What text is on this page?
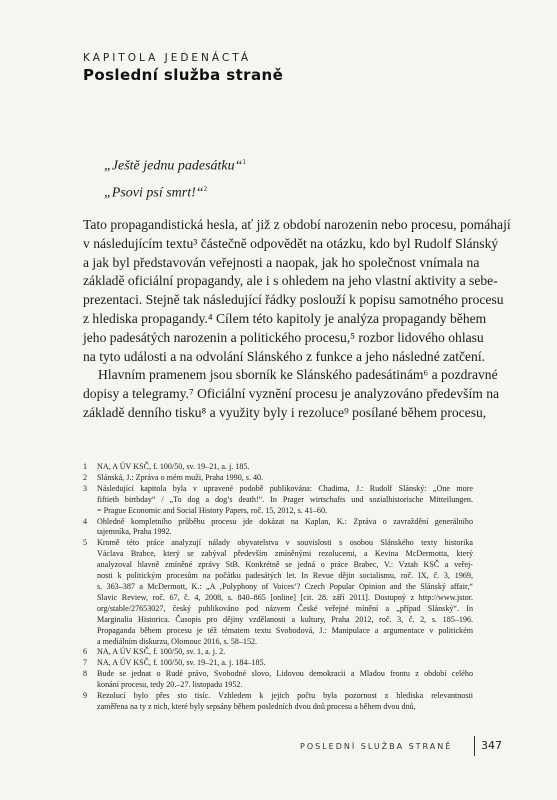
KAPITOLA JEDENÁCTÁ
Poslední služba straně
„Ještě jednu padesátku“$^1$
„Psovi psí smrt!“$^2$
Tato propagandistická hesla, ať již z období narozenin nebo procesu, pomáhají
v následujícím textu³ částečně odpovědět na otázku, kdo byl Rudolf Slánský
a jak byl představován veřejnosti a naopak, jak ho společnost vnímala na
základě oficiální propagandy, ale i s ohledem na jeho vlastní aktivity a sebe-
prezentaci. Stejně tak následující řádky poslouží k popisu samotného procesu
z hlediska propagandy.⁴ Cílem této kapitoly je analýza propagandy během
jeho padesátých narozenin a politického procesu,⁵ rozbor lidového ohlasu
na tyto události a na odvolání Slánského z funkce a jeho následné zatčení.
Hlavním pramenem jsou sborník ke Slánského padesátinám⁶ a pozdravné
dopisy a telegramy.⁷ Oficiální vyznění procesu je analyzováno především na
základě denního tisku⁸ a využity byly i rezoluce⁹ posílané během procesu,
1 NA, A ÚV KSČ, f. 100/50, sv. 19–21, a. j. 185.
2 Slánská, J.: Zpráva o mém muži, Praha 1990, s. 40.
3 Následující kapitola byla v upravené podobě publikována: Chadima, J.: Rudolf Slánský: „One more
fiftieth birthday“ / „To dog a dog’s death!“. In Prager wirtschafts und sozialhistorische Mitteilungen.
= Prague Economic and Social History Papers, roč. 15, 2012, s. 41–60.
4 Ohledně kompletního průběhu procesu jde dokázat na Kaplan, K.: Zpráva o zavraždění generálního
tajemníka, Praha 1992.
5 Kromě této práce analyzují nálady obyvatelstva v souvislosti s osobou Slánského texty historika
Václava Brabce, který se zabýval především zmíněnými rezolucemi, a Kevina McDermotta, který
analyzoval hlavně zmíněné zprávy StB. Konkrétně se jedná o práce Brabec, V.: Vztah KSČ a veřej-
nosti k politickým procesům na počátku padesátých let. In Revue dějin socialismu, roč. IX, č. 3, 1969,
s. 363–387 a McDermott, K.: „A ‚Polyphony of Voices‘? Czech Popular Opinion and the Slánský affair,“
Slavic Review, roč. 67, č. 4, 2008, s. 840–865 [online] [cit. 28. září 2011]. Dostupný z http://www.jstor.
org/stable/27653027, český publikováno pod názvem České veřejné mínění a „případ Slánský“. In
Marginalia Historica. Časopis pro dějiny vzdělanosti a kultury, Praha 2012, roč. 3, č. 2, s. 185–196.
Propaganda během procesu je též tématem textu Svobodová, J.: Manipulace a argumentace v politickém
a mediálním diskurzu, Olomouc 2016, s. 58–152.
6 NA, A ÚV KSČ, f. 100/50, sv. 1, a. j. 2.
7 NA, A ÚV KSČ, f. 100/50, sv. 19–21, a. j. 184–185.
8 Bude se jednat o Rudé právo, Svobodné slovo, Lidovou demokracii a Mladou frontu z období celého
konání procesu, tedy 20.–27. listopadu 1952.
9 Rezolucí bylo přes sto tisíc. Vzhledem k jejich počtu byla pozornost z hlediska relevantnosti
zaměřena na ty z nich, které byly sepsány během posledních dvou dnů procesu a během dvou dnů,
POSLEDNÍ SLUŽBA STRANĚ	347
